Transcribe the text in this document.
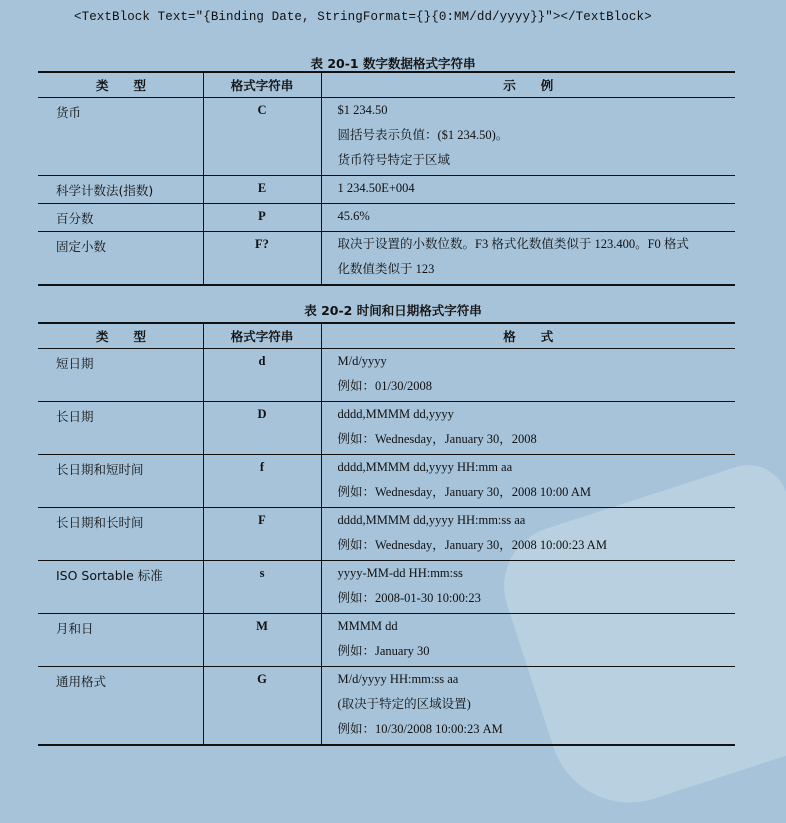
<TextBlock Text="{Binding Date, StringFormat={}{0:MM/dd/yyyy}}"></TextBlock>
表 20-1 数字数据格式字符串
类　　型	格式字符串	示　　例
货币	C	$1 234.50
圆括号表示负值：($1 234.50)。
货币符号特定于区域

科学计数法(指数)	E	1 234.50E+004

百分数	P	45.6%

固定小数	F?	取决于设置的小数位数。F3 格式化数值类似于 123.400。F0 格式
化数值类似于 123
表 20-2 时间和日期格式字符串
类　　型	格式字符串	格　　式
短日期	d	M/d/yyyy
例如：01/30/2008

长日期	D	dddd,MMMM dd,yyyy
例如：Wednesday，January 30，2008

长日期和短时间	f	dddd,MMMM dd,yyyy HH:mm aa
例如：Wednesday，January 30，2008 10:00 AM

长日期和长时间	F	dddd,MMMM dd,yyyy HH:mm:ss aa
例如：Wednesday，January 30，2008 10:00:23 AM

ISO Sortable 标准	s	yyyy-MM-dd HH:mm:ss
例如：2008-01-30 10:00:23

月和日	M	MMMM dd
例如：January 30

通用格式	G	M/d/yyyy HH:mm:ss aa
(取决于特定的区域设置)
例如：10/30/2008 10:00:23 AM
